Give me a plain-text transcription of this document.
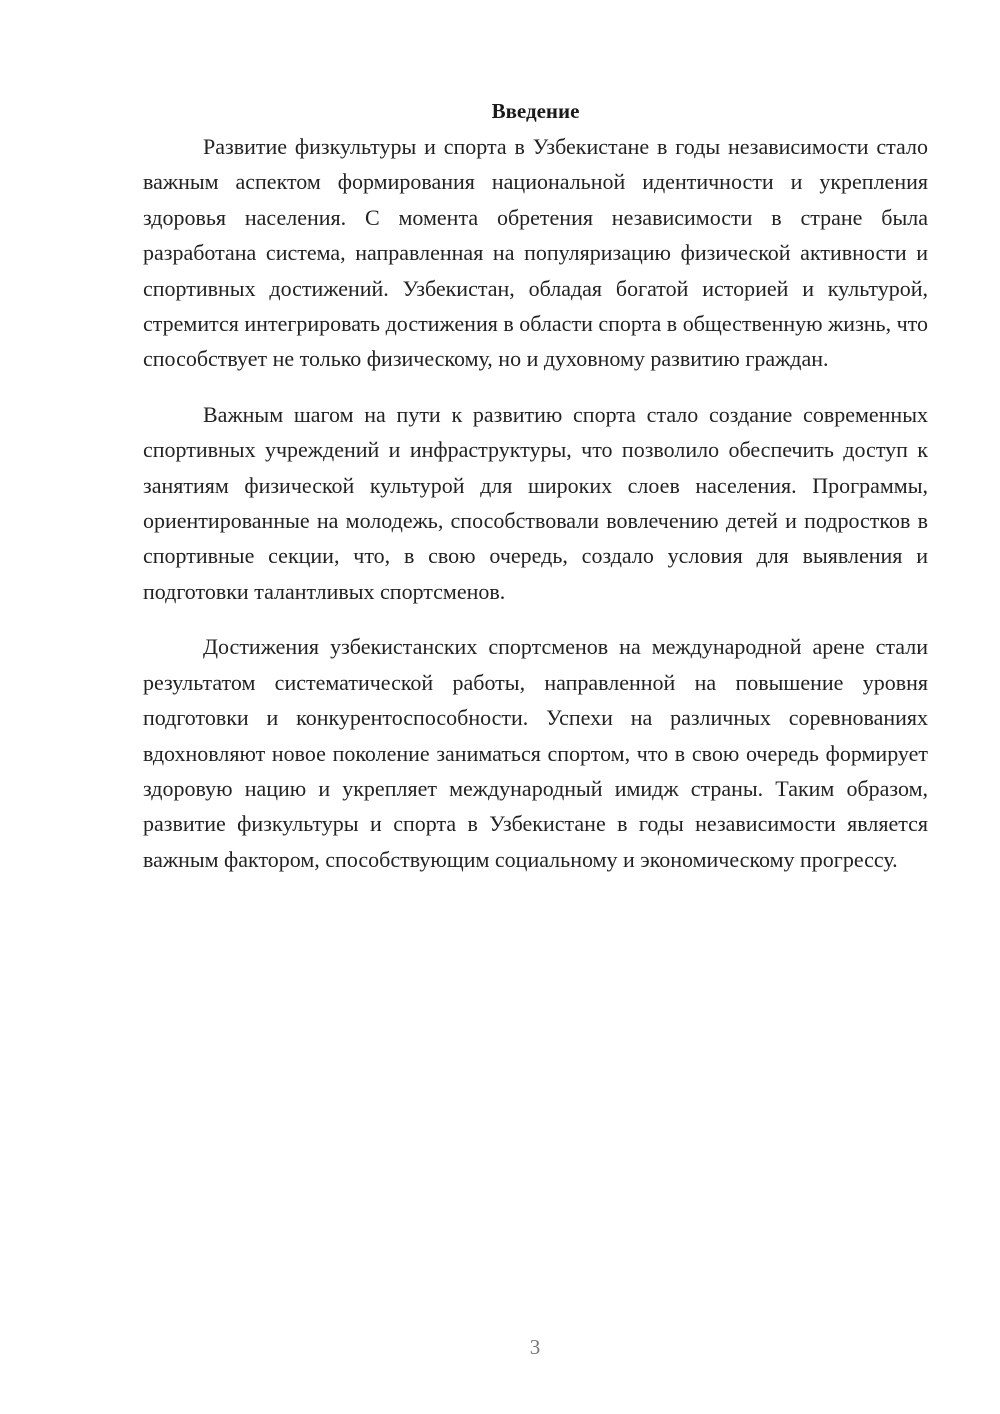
Введение

Развитие физкультуры и спорта в Узбекистане в годы независимости стало важным аспектом формирования национальной идентичности и укрепления здоровья населения. С момента обретения независимости в стране была разработана система, направленная на популяризацию физической активности и спортивных достижений. Узбекистан, обладая богатой историей и культурой, стремится интегрировать достижения в области спорта в общественную жизнь, что способствует не только физическому, но и духовному развитию граждан.

Важным шагом на пути к развитию спорта стало создание современных спортивных учреждений и инфраструктуры, что позволило обеспечить доступ к занятиям физической культурой для широких слоев населения. Программы, ориентированные на молодежь, способствовали вовлечению детей и подростков в спортивные секции, что, в свою очередь, создало условия для выявления и подготовки талантливых спортсменов.

Достижения узбекистанских спортсменов на международной арене стали результатом систематической работы, направленной на повышение уровня подготовки и конкурентоспособности. Успехи на различных соревнованиях вдохновляют новое поколение заниматься спортом, что в свою очередь формирует здоровую нацию и укрепляет международный имидж страны. Таким образом, развитие физкультуры и спорта в Узбекистане в годы независимости является важным фактором, способствующим социальному и экономическому прогрессу.

3
